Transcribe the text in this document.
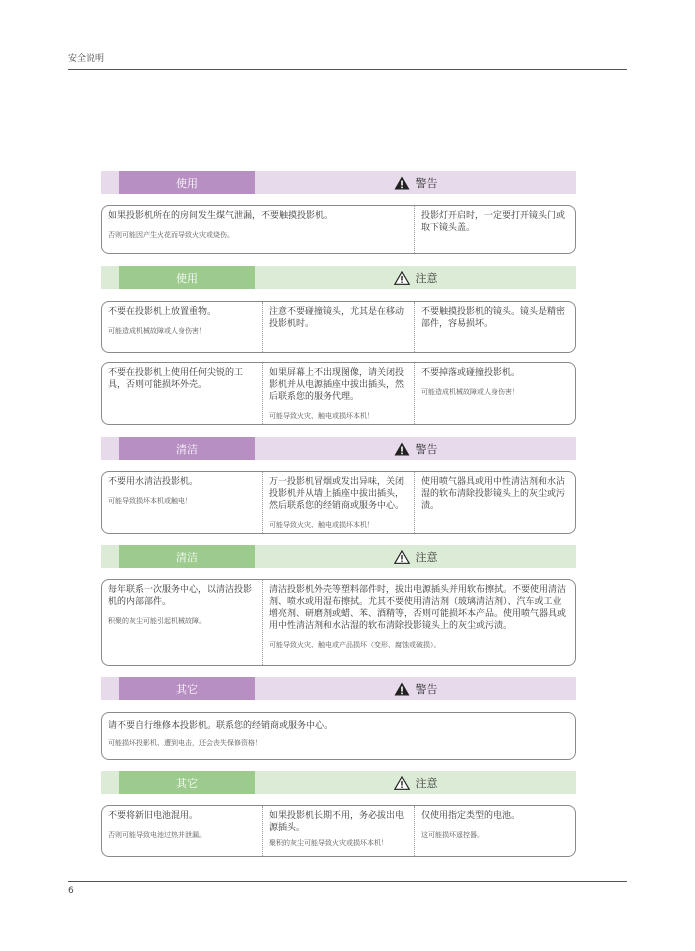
安全说明
使用	警告
如果投影机所在的房间发生煤气泄漏，不要触摸投影机。
否则可能因产生火花而导致火灾或烧伤。
投影灯开启时，一定要打开镜头门或取下镜头盖。
使用	注意
不要在投影机上放置重物。
可能造成机械故障或人身伤害！
注意不要碰撞镜头，尤其是在移动投影机时。
不要触摸投影机的镜头。镜头是精密部件，容易损坏。
不要在投影机上使用任何尖锐的工具，否则可能损坏外壳。
如果屏幕上不出现图像，请关闭投影机并从电源插座中拔出插头，然后联系您的服务代理。
可能导致火灾、触电或损坏本机！
不要掉落或碰撞投影机。
可能造成机械故障或人身伤害！
清洁	警告
不要用水清洁投影机。
可能导致损坏本机或触电！
万一投影机冒烟或发出异味，关闭投影机并从墙上插座中拔出插头，然后联系您的经销商或服务中心。
可能导致火灾、触电或损坏本机！
使用喷气器具或用中性清洁剂和水沾湿的软布清除投影镜头上的灰尘或污渍。
清洁	注意
每年联系一次服务中心，以清洁投影机的内部部件。
积聚的灰尘可能引起机械故障。
清洁投影机外壳等塑料部件时，拔出电源插头并用软布擦拭。不要使用清洁剂、喷水或用湿布擦拭。尤其不要使用清洁剂（玻璃清洁剂）、汽车或工业增亮剂、研磨剂或蜡、苯、酒精等，否则可能损坏本产品。使用喷气器具或用中性清洁剂和水沾湿的软布清除投影镜头上的灰尘或污渍。
可能导致火灾、触电或产品损坏（变形、腐蚀或破损）。
其它	警告
请不要自行维修本投影机。联系您的经销商或服务中心。
可能损坏投影机、遭到电击，还会丧失保修资格！
其它	注意
不要将新旧电池混用。
否则可能导致电池过热并泄漏。
如果投影机长期不用，务必拔出电源插头。
聚积的灰尘可能导致火灾或损坏本机！
仅使用指定类型的电池。
这可能损坏遥控器。
6
